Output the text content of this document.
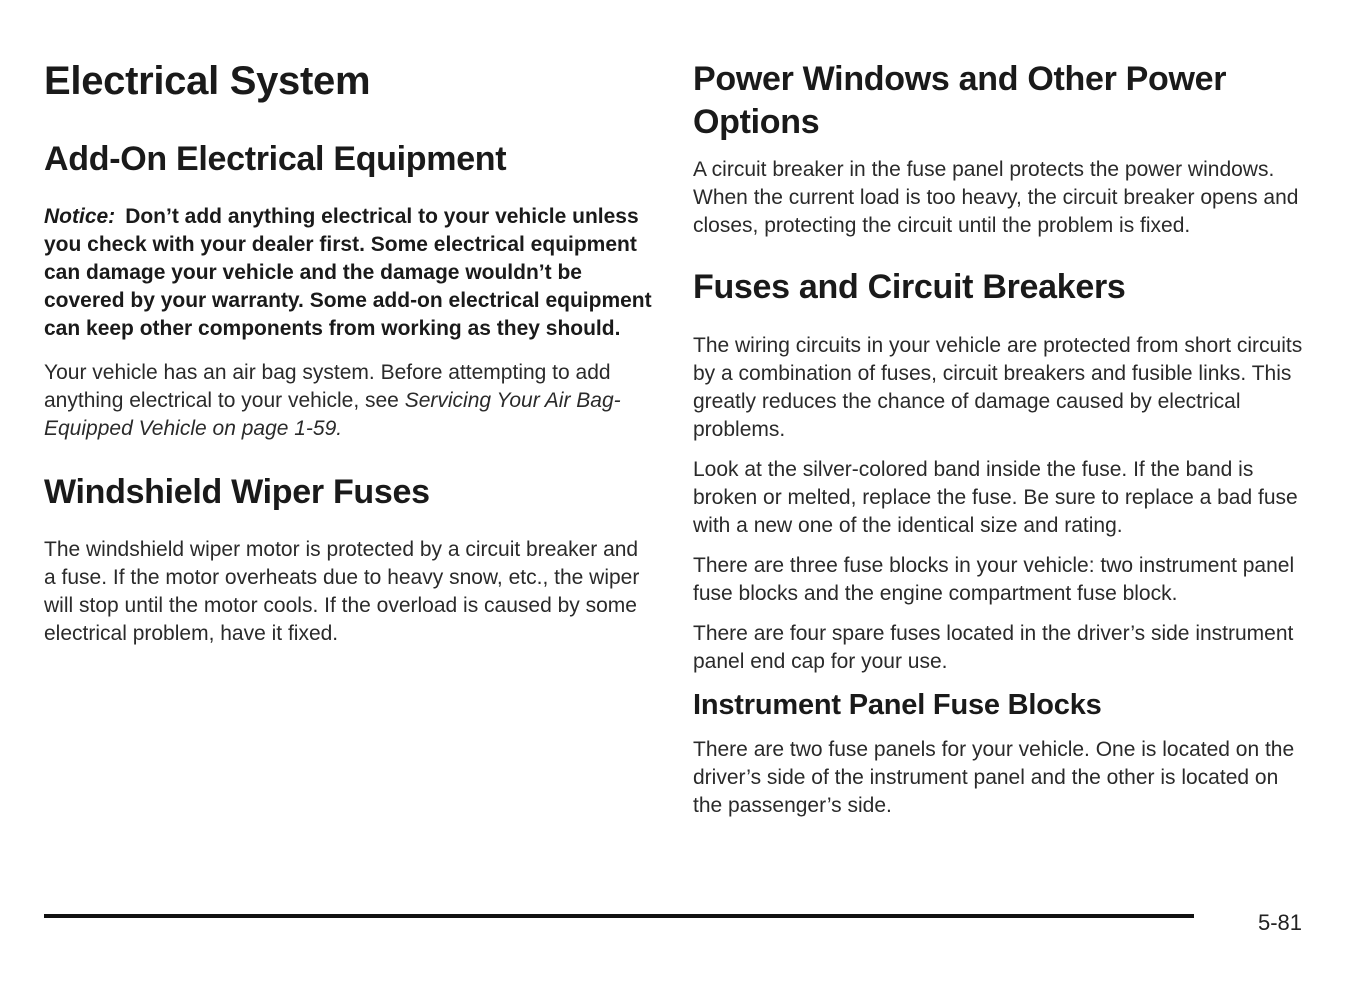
Electrical System
Add-On Electrical Equipment

Notice: Don’t add anything electrical to your vehicle unless you check with your dealer first. Some electrical equipment can damage your vehicle and the damage wouldn’t be covered by your warranty. Some add-on electrical equipment can keep other components from working as they should.

Your vehicle has an air bag system. Before attempting to add anything electrical to your vehicle, see Servicing Your Air Bag-Equipped Vehicle on page 1-59.

Windshield Wiper Fuses

The windshield wiper motor is protected by a circuit breaker and a fuse. If the motor overheats due to heavy snow, etc., the wiper will stop until the motor cools. If the overload is caused by some electrical problem, have it fixed.

Power Windows and Other Power Options

A circuit breaker in the fuse panel protects the power windows. When the current load is too heavy, the circuit breaker opens and closes, protecting the circuit until the problem is fixed.

Fuses and Circuit Breakers

The wiring circuits in your vehicle are protected from short circuits by a combination of fuses, circuit breakers and fusible links. This greatly reduces the chance of damage caused by electrical problems.

Look at the silver-colored band inside the fuse. If the band is broken or melted, replace the fuse. Be sure to replace a bad fuse with a new one of the identical size and rating.

There are three fuse blocks in your vehicle: two instrument panel fuse blocks and the engine compartment fuse block.

There are four spare fuses located in the driver’s side instrument panel end cap for your use.

Instrument Panel Fuse Blocks

There are two fuse panels for your vehicle. One is located on the driver’s side of the instrument panel and the other is located on the passenger’s side.

5-81
